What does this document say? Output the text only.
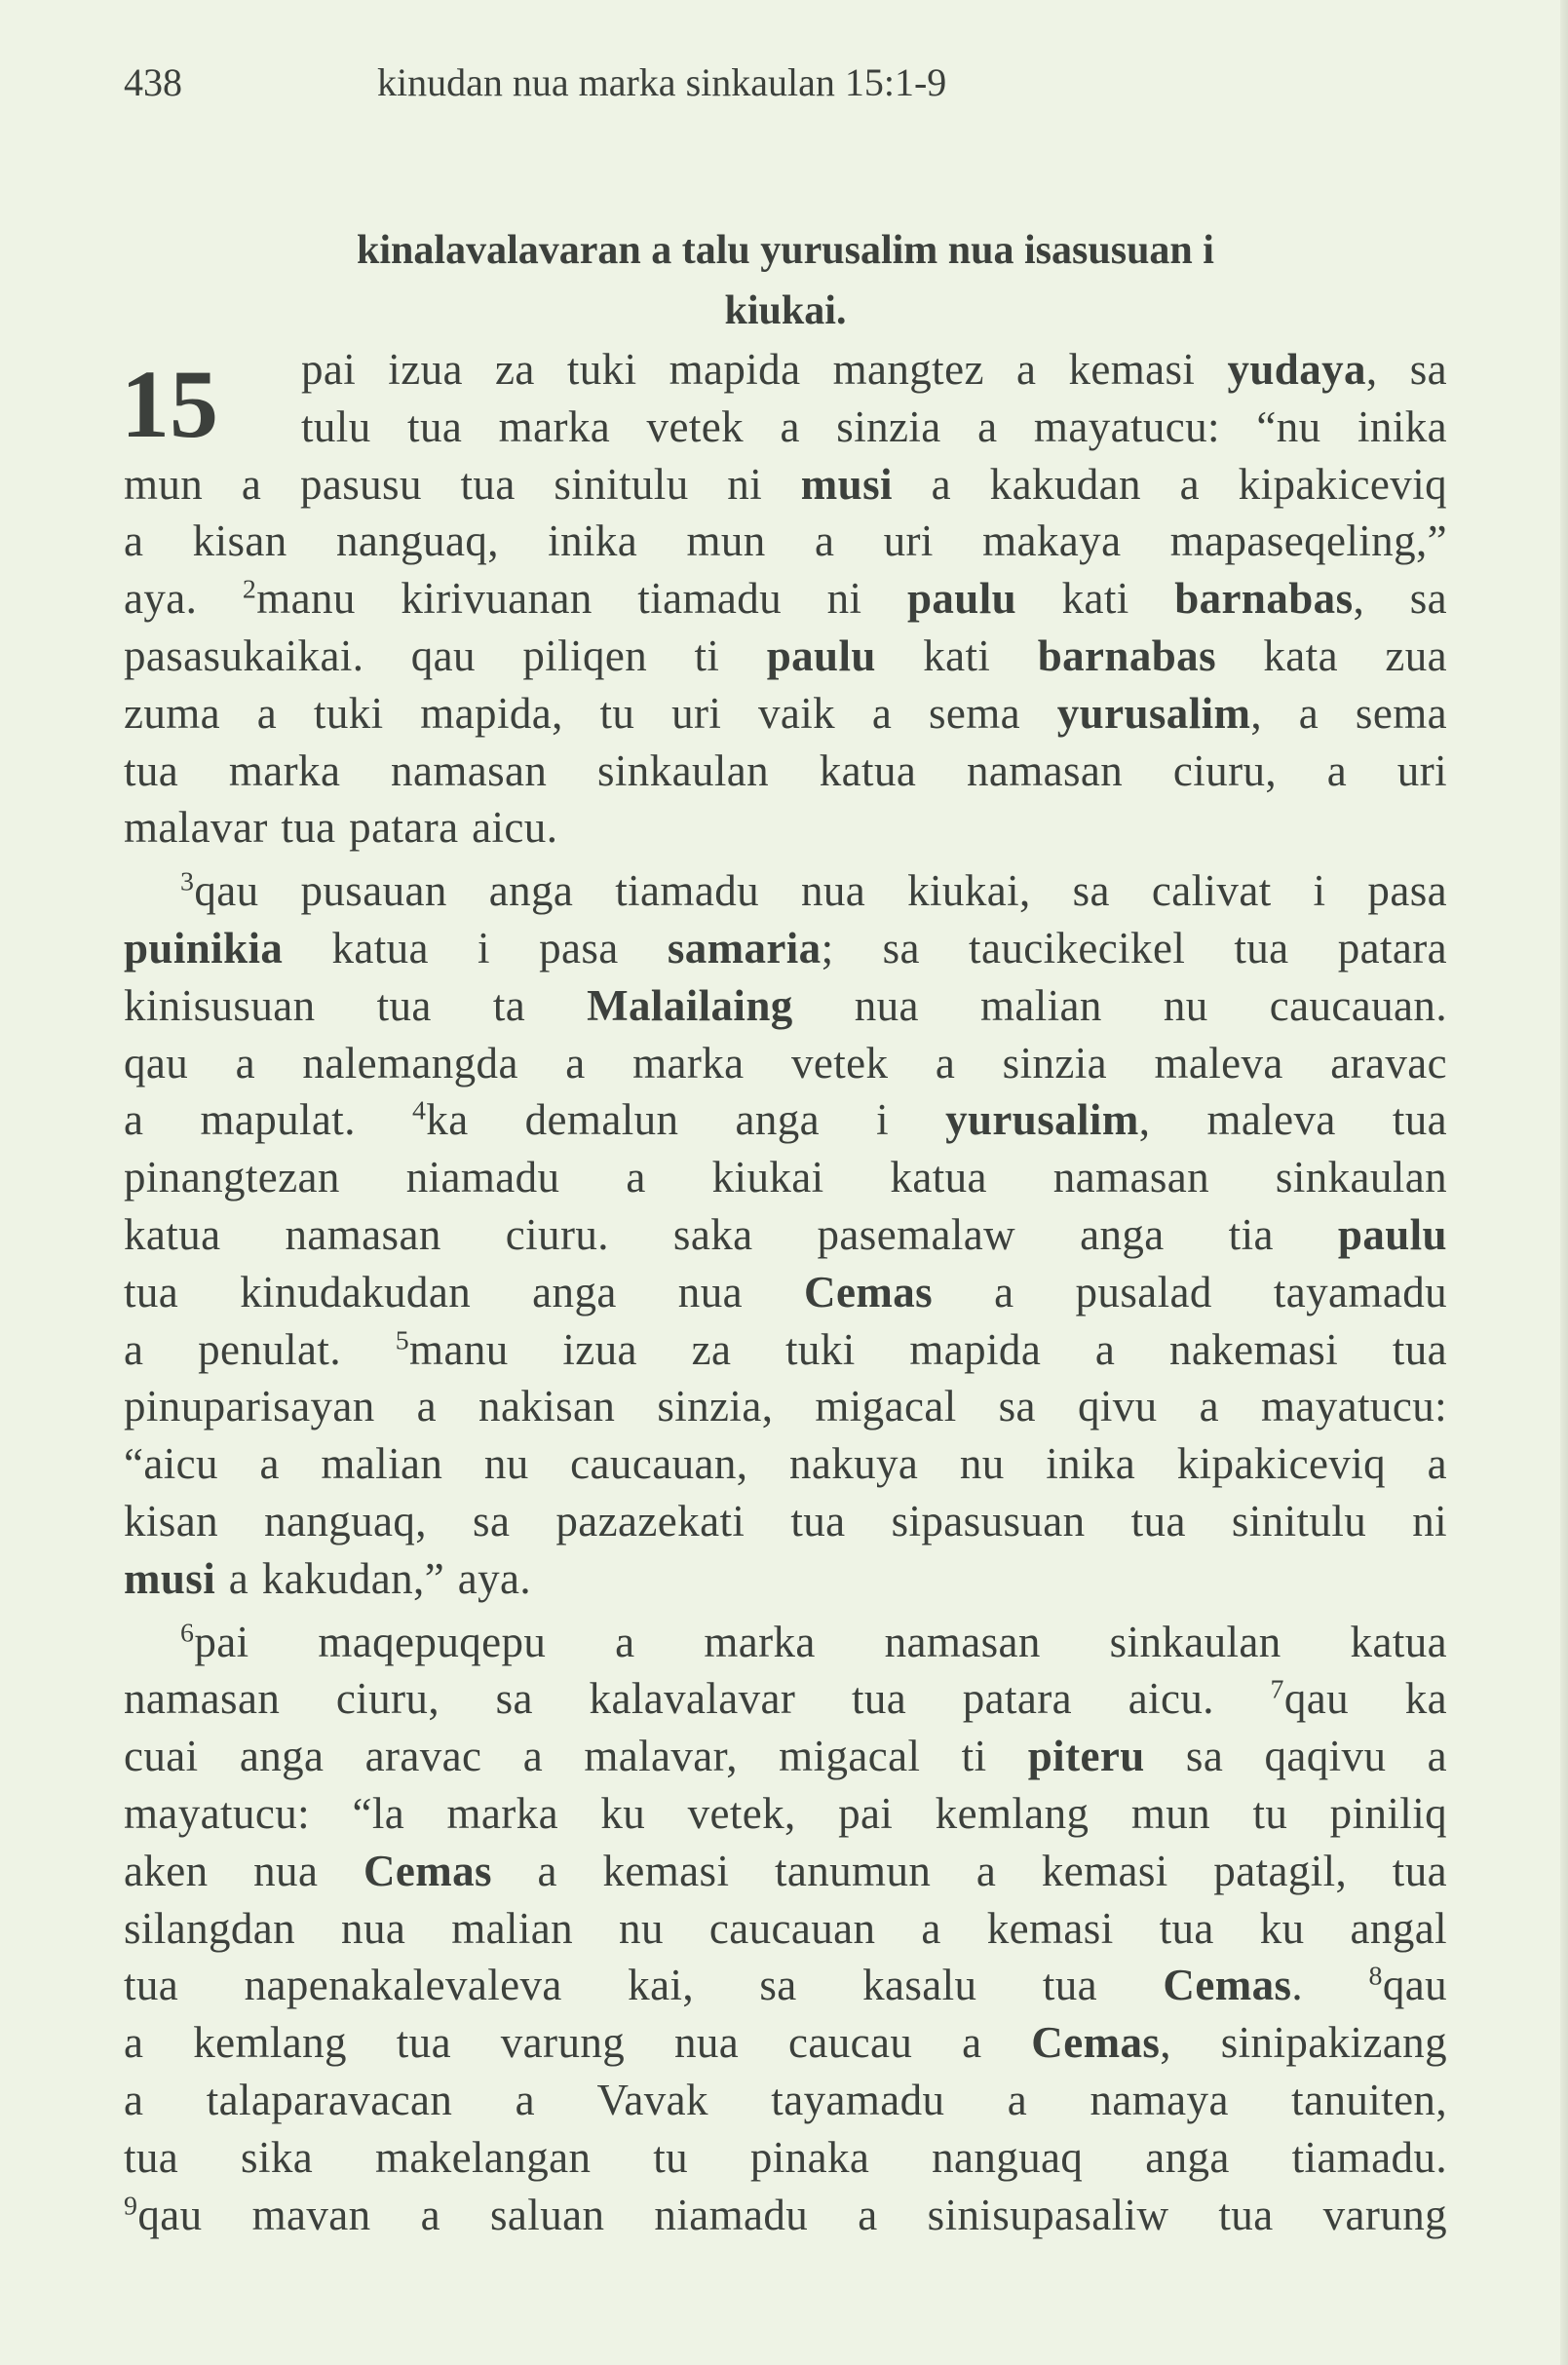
438	kinudan nua marka sinkaulan 15:1-9
kinalavalavaran a talu yurusalim nua isasusuan i
kiukai.
15	pai izua za tuki mapida mangtez a kemasi yudaya, sa
tulu tua marka vetek a sinzia a mayatucu: “nu inika
mun a pasusu tua sinitulu ni musi a kakudan a kipakiceviq
a kisan nanguaq, inika mun a uri makaya mapaseqeling,”
aya. $^2$manu kirivuanan tiamadu ni paulu kati barnabas, sa
pasasukaikai. qau piliqen ti paulu kati barnabas kata zua
zuma a tuki mapida, tu uri vaik a sema yurusalim, a sema
tua marka namasan sinkaulan katua namasan ciuru, a uri
malavar tua patara aicu.
$^3$qau pusauan anga tiamadu nua kiukai, sa calivat i pasa
puinikia katua i pasa samaria; sa taucikecikel tua patara
kinisusuan tua ta Malailaing nua malian nu caucauan.
qau a nalemangda a marka vetek a sinzia maleva aravac
a mapulat. $^4$ka demalun anga i yurusalim, maleva tua
pinangtezan niamadu a kiukai katua namasan sinkaulan
katua namasan ciuru. saka pasemalaw anga tia paulu
tua kinudakudan anga nua Cemas a pusalad tayamadu
a penulat. $^5$manu izua za tuki mapida a nakemasi tua
pinuparisayan a nakisan sinzia, migacal sa qivu a mayatucu:
“aicu a malian nu caucauan, nakuya nu inika kipakiceviq a
kisan nanguaq, sa pazazekati tua sipasusuan tua sinitulu ni
musi a kakudan,” aya.
$^6$pai maqepuqepu a marka namasan sinkaulan katua
namasan ciuru, sa kalavalavar tua patara aicu. $^7$qau ka
cuai anga aravac a malavar, migacal ti piteru sa qaqivu a
mayatucu: “la marka ku vetek, pai kemlang mun tu piniliq
aken nua Cemas a kemasi tanumun a kemasi patagil, tua
silangdan nua malian nu caucauan a kemasi tua ku angal
tua napenakalevaleva kai, sa kasalu tua Cemas. $^8$qau
a kemlang tua varung nua caucau a Cemas, sinipakizang
a talaparavacan a Vavak tayamadu a namaya tanuiten,
tua sika makelangan tu pinaka nanguaq anga tiamadu.
$^9$qau mavan a saluan niamadu a sinisupasaliw tua varung
